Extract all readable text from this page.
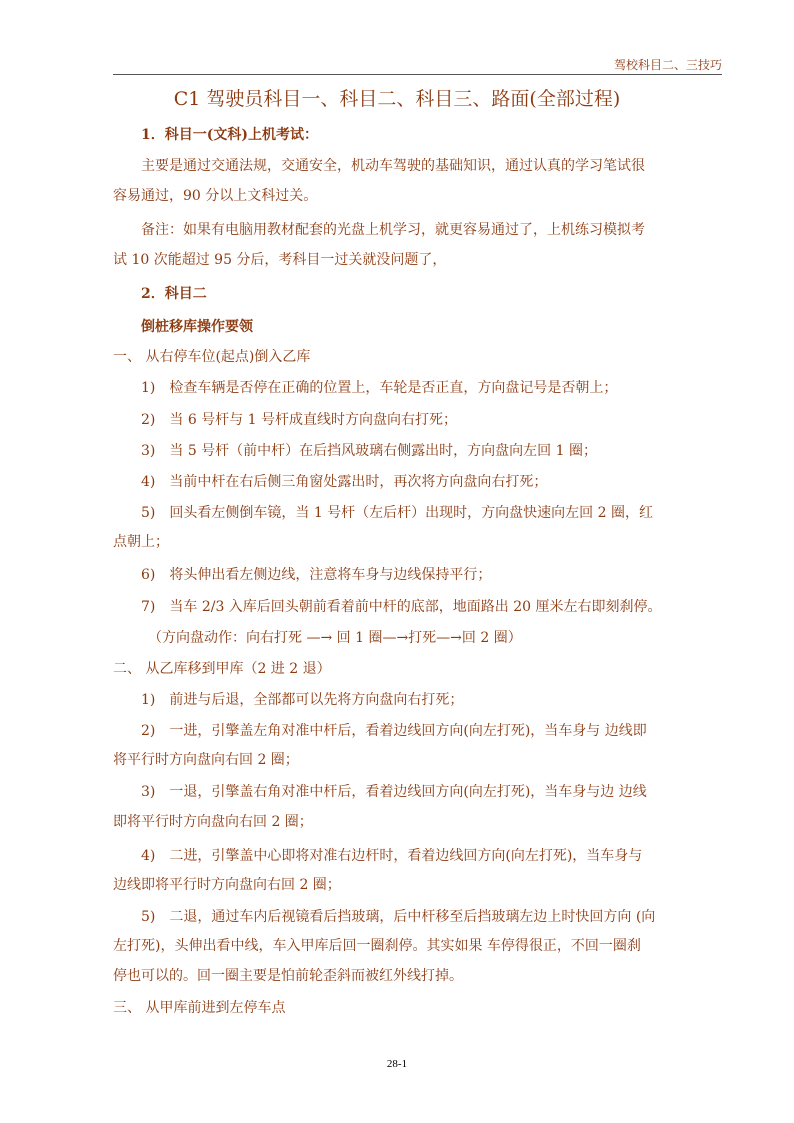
驾校科目二、三技巧
C1 驾驶员科目一、科目二、科目三、路面(全部过程)
1．科目一(文科)上机考试：
主要是通过交通法规，交通安全，机动车驾驶的基础知识，通过认真的学习笔试很
容易通过，90 分以上文科过关。
备注：如果有电脑用教材配套的光盘上机学习，就更容易通过了，上机练习模拟考
试 10 次能超过 95 分后，考科目一过关就没问题了，
2．科目二
倒桩移库操作要领
一、 从右停车位(起点)倒入乙库
1)　检查车辆是否停在正确的位置上，车轮是否正直，方向盘记号是否朝上；
2)　当 6 号杆与 1 号杆成直线时方向盘向右打死；
3)　当 5 号杆（前中杆）在后挡风玻璃右侧露出时，方向盘向左回 1 圈；
4)　当前中杆在右后侧三角窗处露出时，再次将方向盘向右打死；
5)　回头看左侧倒车镜，当 1 号杆（左后杆）出现时，方向盘快速向左回 2 圈，红
点朝上；
6)　将头伸出看左侧边线，注意将车身与边线保持平行；
7)　当车 2/3 入库后回头朝前看着前中杆的底部，地面路出 20 厘米左右即刻刹停。
（方向盘动作：向右打死 —→ 回 1 圈—→打死—→回 2 圈）
二、 从乙库移到甲库（2 进 2 退）
1)　前进与后退，全部都可以先将方向盘向右打死；
2)　一进，引擎盖左角对准中杆后，看着边线回方向(向左打死)，当车身与 边线即
将平行时方向盘向右回 2 圈；
3)　一退，引擎盖右角对准中杆后，看着边线回方向(向左打死)，当车身与边 边线
即将平行时方向盘向右回 2 圈；
4)　二进，引擎盖中心即将对准右边杆时，看着边线回方向(向左打死)，当车身与
边线即将平行时方向盘向右回 2 圈；
5)　二退，通过车内后视镜看后挡玻璃，后中杆移至后挡玻璃左边上时快回方向 (向
左打死)，头伸出看中线，车入甲库后回一圈刹停。其实如果 车停得很正，不回一圈刹
停也可以的。回一圈主要是怕前轮歪斜而被红外线打掉。
三、 从甲库前进到左停车点
28-1
